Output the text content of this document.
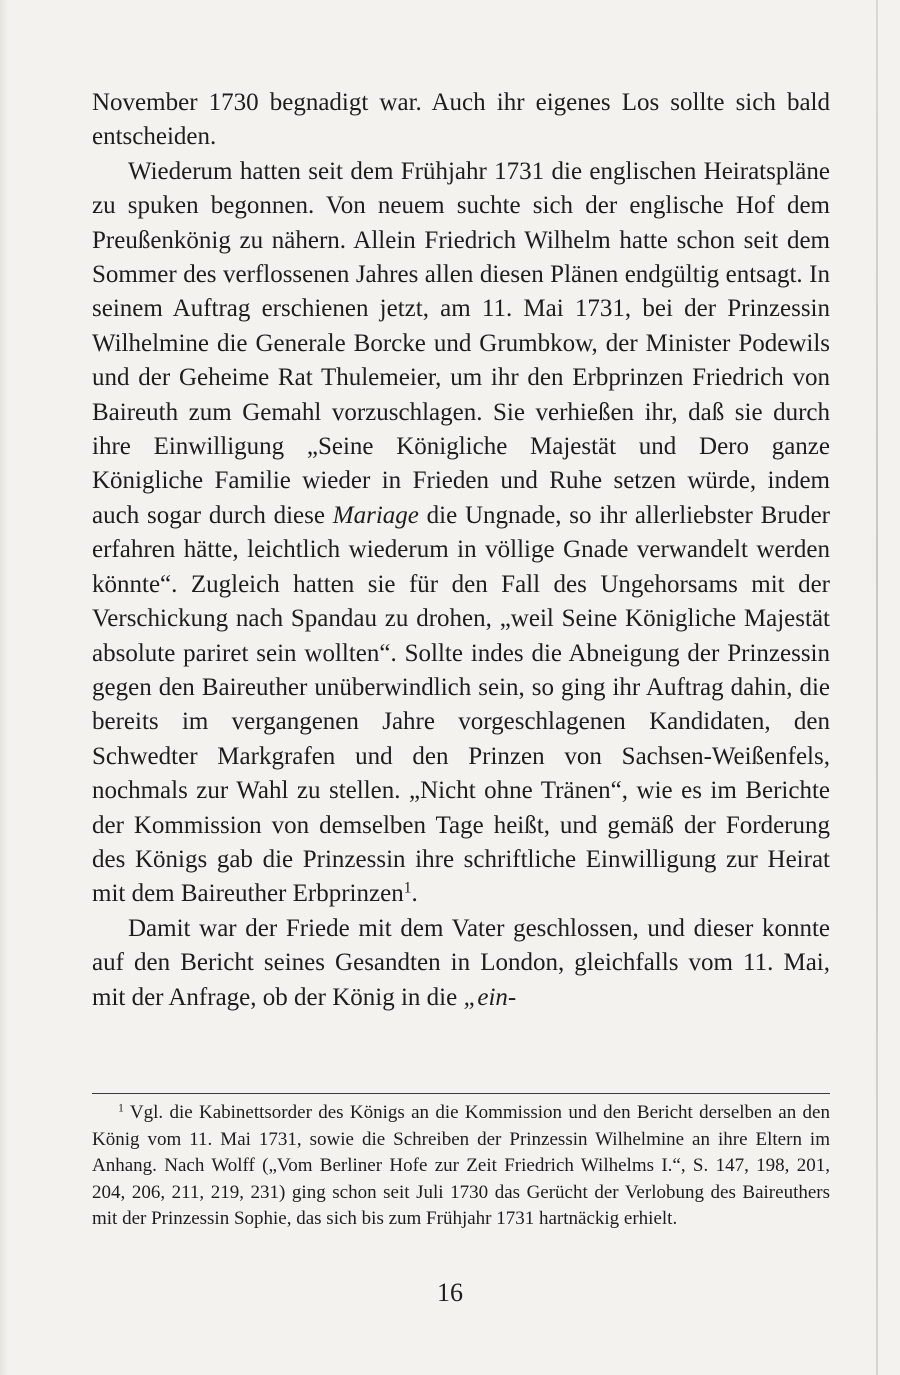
November 1730 begnadigt war. Auch ihr eigenes Los sollte sich bald entscheiden.

Wiederum hatten seit dem Frühjahr 1731 die englischen Heiratspläne zu spuken begonnen. Von neuem suchte sich der englische Hof dem Preußenkönig zu nähern. Allein Friedrich Wilhelm hatte schon seit dem Sommer des verflossenen Jahres allen diesen Plänen endgültig entsagt. In seinem Auftrag erschienen jetzt, am 11. Mai 1731, bei der Prinzessin Wilhelmine die Generale Borcke und Grumbkow, der Minister Podewils und der Geheime Rat Thulemeier, um ihr den Erbprinzen Friedrich von Baireuth zum Gemahl vorzuschlagen. Sie verhießen ihr, daß sie durch ihre Einwilligung „Seine Königliche Majestät und Dero ganze Königliche Familie wieder in Frieden und Ruhe setzen würde, indem auch sogar durch diese Mariage die Ungnade, so ihr allerliebster Bruder erfahren hätte, leichtlich wiederum in völlige Gnade verwandelt werden könnte“. Zugleich hatten sie für den Fall des Ungehorsams mit der Verschickung nach Spandau zu drohen, „weil Seine Königliche Majestät absolute pariret sein wollten“. Sollte indes die Abneigung der Prinzessin gegen den Baireuther unüberwindlich sein, so ging ihr Auftrag dahin, die bereits im vergangenen Jahre vorgeschlagenen Kandidaten, den Schwedter Markgrafen und den Prinzen von Sachsen-Weißenfels, nochmals zur Wahl zu stellen. „Nicht ohne Tränen“, wie es im Berichte der Kommission von demselben Tage heißt, und gemäß der Forderung des Königs gab die Prinzessin ihre schriftliche Einwilligung zur Heirat mit dem Baireuther Erbprinzen$^1$.

Damit war der Friede mit dem Vater geschlossen, und dieser konnte auf den Bericht seines Gesandten in London, gleichfalls vom 11. Mai, mit der Anfrage, ob der König in die „ein-

$^1$ Vgl. die Kabinettsorder des Königs an die Kommission und den Bericht derselben an den König vom 11. Mai 1731, sowie die Schreiben der Prinzessin Wilhelmine an ihre Eltern im Anhang. Nach Wolff („Vom Berliner Hofe zur Zeit Friedrich Wilhelms I.“, S. 147, 198, 201, 204, 206, 211, 219, 231) ging schon seit Juli 1730 das Gerücht der Verlobung des Baireuthers mit der Prinzessin Sophie, das sich bis zum Frühjahr 1731 hartnäckig erhielt.

16
